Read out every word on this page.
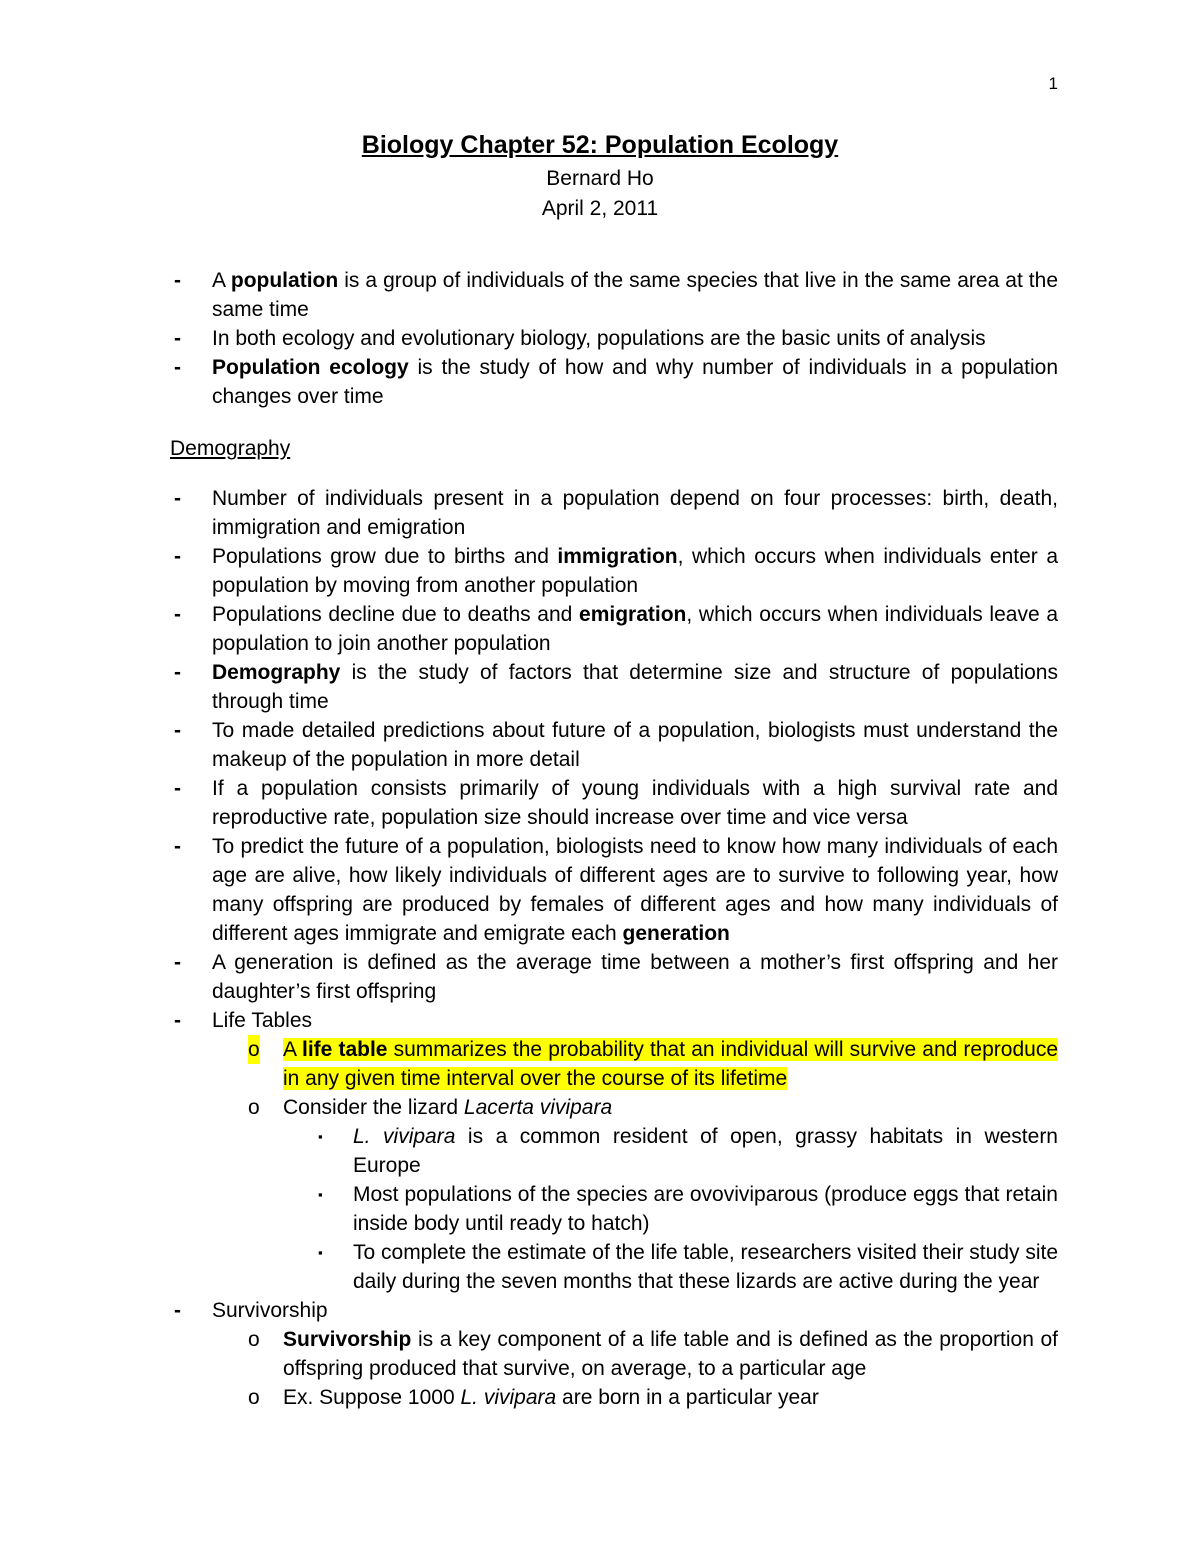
1
Biology Chapter 52: Population Ecology
Bernard Ho
April 2, 2011
- A population is a group of individuals of the same species that live in the same area at the same time
- In both ecology and evolutionary biology, populations are the basic units of analysis
- Population ecology is the study of how and why number of individuals in a population changes over time
Demography
- Number of individuals present in a population depend on four processes: birth, death, immigration and emigration
- Populations grow due to births and immigration, which occurs when individuals enter a population by moving from another population
- Populations decline due to deaths and emigration, which occurs when individuals leave a population to join another population
- Demography is the study of factors that determine size and structure of populations through time
- To made detailed predictions about future of a population, biologists must understand the makeup of the population in more detail
- If a population consists primarily of young individuals with a high survival rate and reproductive rate, population size should increase over time and vice versa
- To predict the future of a population, biologists need to know how many individuals of each age are alive, how likely individuals of different ages are to survive to following year, how many offspring are produced by females of different ages and how many individuals of different ages immigrate and emigrate each generation
- A generation is defined as the average time between a mother’s first offspring and her daughter’s first offspring
- Life Tables
o A life table summarizes the probability that an individual will survive and reproduce in any given time interval over the course of its lifetime
o Consider the lizard Lacerta vivipara
▪ L. vivipara is a common resident of open, grassy habitats in western Europe
▪ Most populations of the species are ovoviviparous (produce eggs that retain inside body until ready to hatch)
▪ To complete the estimate of the life table, researchers visited their study site daily during the seven months that these lizards are active during the year
- Survivorship
o Survivorship is a key component of a life table and is defined as the proportion of offspring produced that survive, on average, to a particular age
o Ex. Suppose 1000 L. vivipara are born in a particular year
